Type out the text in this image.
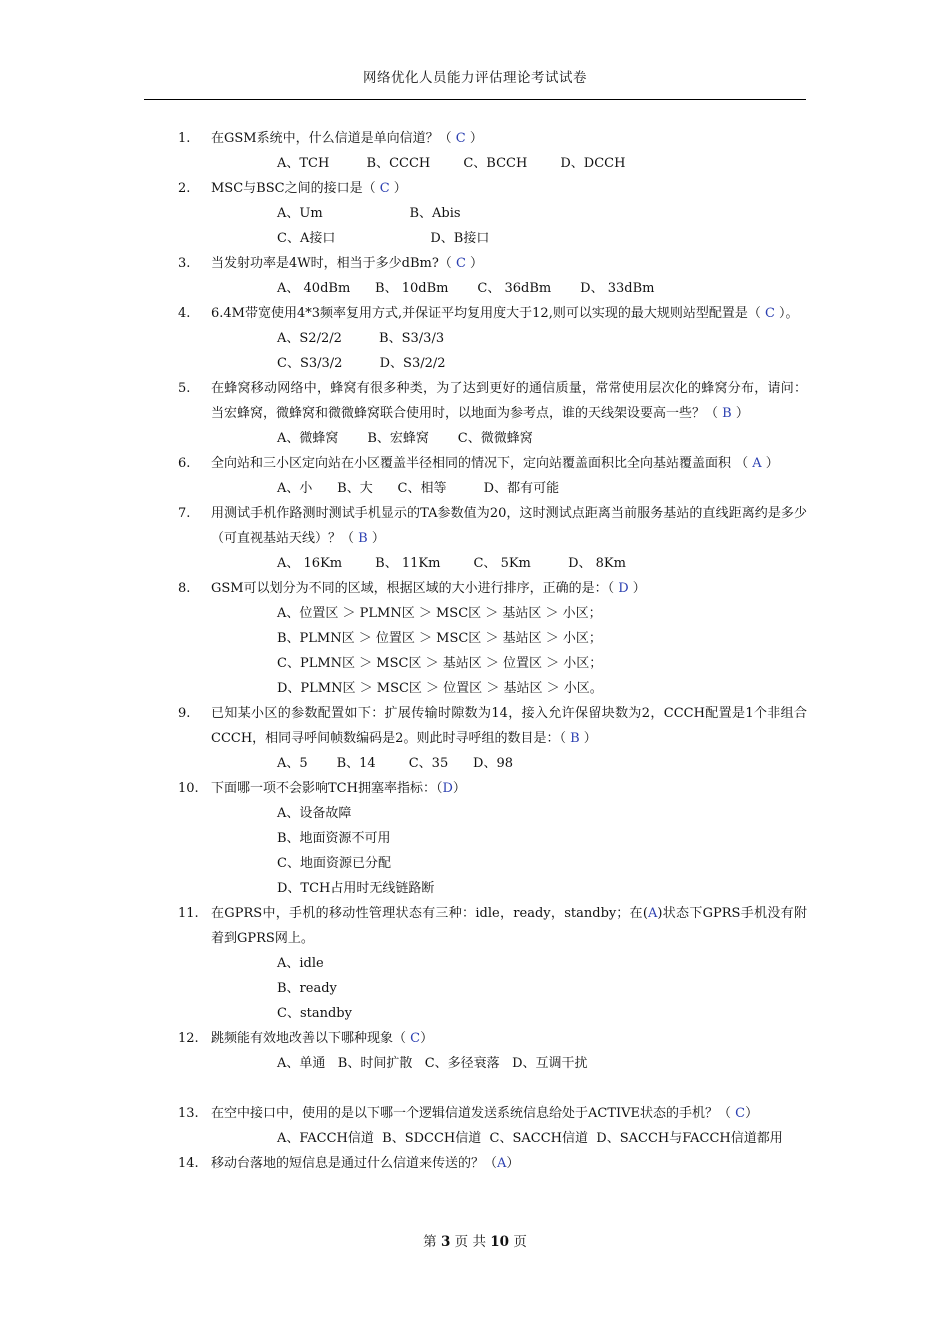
网络优化人员能力评估理论考试试卷
1.	在GSM系统中，什么信道是单向信道？（ C ）
A、TCH         B、CCCH        C、BCCH        D、DCCH
2.	MSC与BSC之间的接口是（ C ）
A、Um                     B、Abis
C、A接口                       D、B接口
3.	当发射功率是4W时，相当于多少dBm?（ C ）
A、 40dBm      B、 10dBm       C、 36dBm       D、 33dBm
4.	6.4M带宽使用4*3频率复用方式,并保证平均复用度大于12,则可以实现的最大规则站型配置是（ C ）。
A、S2/2/2         B、S3/3/3
C、S3/3/2         D、S3/2/2
5.	在蜂窝移动网络中，蜂窝有很多种类，为了达到更好的通信质量，常常使用层次化的蜂窝分布，请问：当宏蜂窝，微蜂窝和微微蜂窝联合使用时，以地面为参考点，谁的天线架设要高一些？（ B ）
A、微蜂窝       B、宏蜂窝       C、微微蜂窝
6.	全向站和三小区定向站在小区覆盖半径相同的情况下，定向站覆盖面积比全向基站覆盖面积 （ A ）
A、小      B、大      C、相等         D、都有可能
7.	用测试手机作路测时测试手机显示的TA参数值为20，这时测试点距离当前服务基站的直线距离约是多少（可直视基站天线）？（ B ）
A、 16Km        B、 11Km        C、 5Km         D、 8Km
8.	GSM可以划分为不同的区域，根据区域的大小进行排序，正确的是：（ D ）
A、位置区 ＞ PLMN区 ＞ MSC区 ＞ 基站区 ＞ 小区；
B、PLMN区 ＞ 位置区 ＞ MSC区 ＞ 基站区 ＞ 小区；
C、PLMN区 ＞ MSC区 ＞ 基站区 ＞ 位置区 ＞ 小区；
D、PLMN区 ＞ MSC区 ＞ 位置区 ＞ 基站区 ＞ 小区。
9.	已知某小区的参数配置如下：扩展传输时隙数为14，接入允许保留块数为2，CCCH配置是1个非组合CCCH，相同寻呼间帧数编码是2。则此时寻呼组的数目是：（ B ）
A、5       B、14        C、35      D、98
10. 下面哪一项不会影响TCH拥塞率指标：（D）
A、设备故障
B、地面资源不可用
C、地面资源已分配
D、TCH占用时无线链路断
11. 在GPRS中，手机的移动性管理状态有三种：idle，ready，standby；在(A)状态下GPRS手机没有附着到GPRS网上。
A、idle
B、ready
C、standby
12. 跳频能有效地改善以下哪种现象（ C）
A、单通   B、时间扩散   C、多径衰落   D、互调干扰
13. 在空中接口中，使用的是以下哪一个逻辑信道发送系统信息给处于ACTIVE状态的手机？（ C）
A、FACCH信道  B、SDCCH信道  C、SACCH信道  D、SACCH与FACCH信道都用
14. 移动台落地的短信息是通过什么信道来传送的？（A）
第 3 页 共 10 页
